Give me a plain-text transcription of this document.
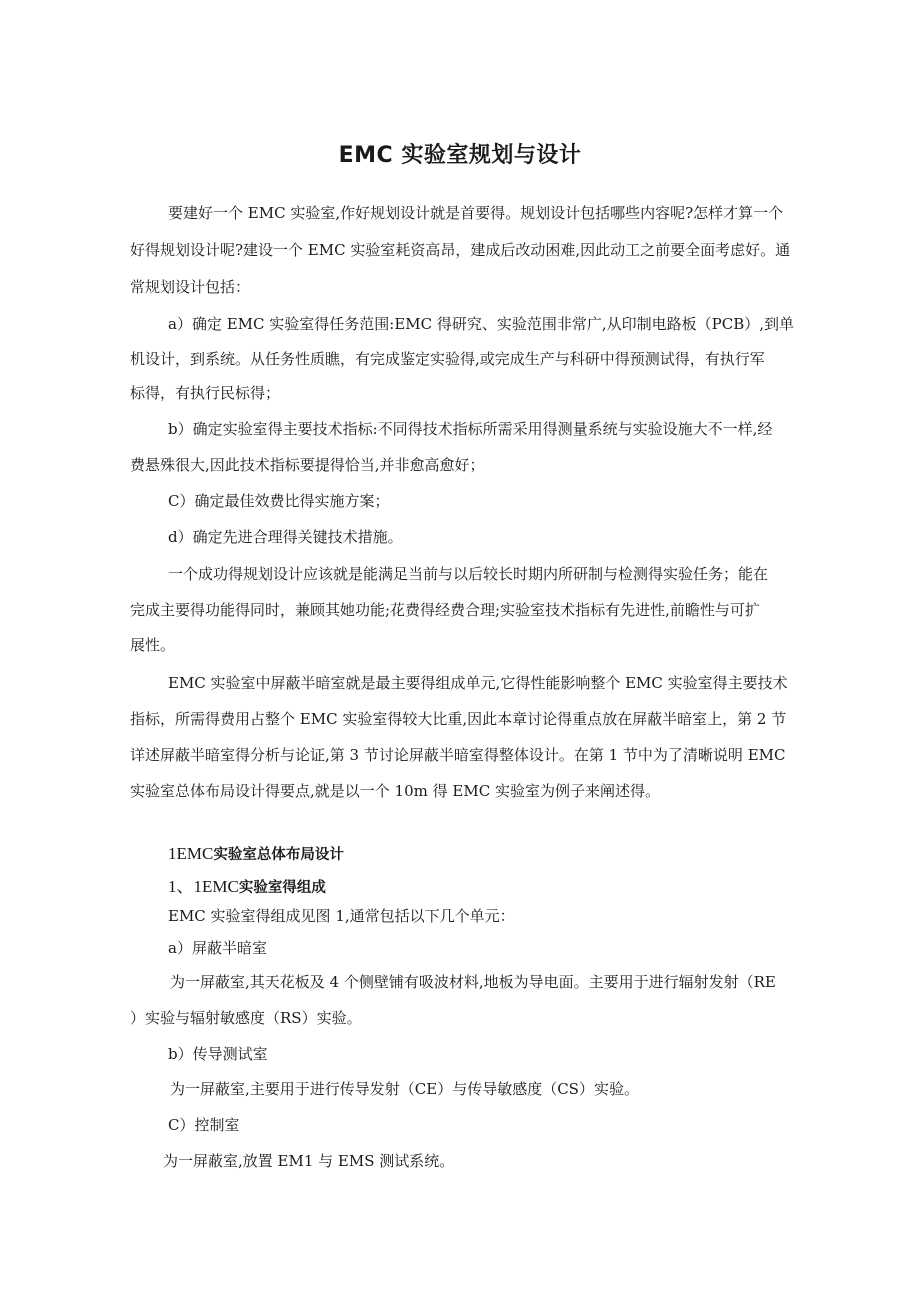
EMC 实验室规划与设计

要建好一个 EMC 实验室,作好规划设计就是首要得。规划设计包括哪些内容呢?怎样才算一个

好得规划设计呢?建设一个 EMC 实验室耗资高昂，建成后改动困难,因此动工之前要全面考虑好。通

常规划设计包括：

a）确定 EMC 实验室得任务范围:EMC 得研究、实验范围非常广,从印制电路板（PCB）,到单

机设计，到系统。从任务性质瞧，有完成鉴定实验得,或完成生产与科研中得预测试得，有执行军

标得，有执行民标得；

b）确定实验室得主要技术指标:不同得技术指标所需采用得测量系统与实验设施大不一样,经

费悬殊很大,因此技术指标要提得恰当,并非愈高愈好；

C）确定最佳效费比得实施方案；

d）确定先进合理得关键技术措施。

一个成功得规划设计应该就是能满足当前与以后较长时期内所研制与检测得实验任务；能在

完成主要得功能得同时，兼顾其她功能;花费得经费合理;实验室技术指标有先进性,前瞻性与可扩

展性。

EMC 实验室中屏蔽半暗室就是最主要得组成单元,它得性能影响整个 EMC 实验室得主要技术

指标，所需得费用占整个 EMC 实验室得较大比重,因此本章讨论得重点放在屏蔽半暗室上，第 2 节

详述屏蔽半暗室得分析与论证,第 3 节讨论屏蔽半暗室得整体设计。在第 1 节中为了清晰说明 EMC

实验室总体布局设计得要点,就是以一个 10m 得 EMC 实验室为例子来阐述得。

1EMC实验室总体布局设计
1、1EMC实验室得组成

EMC 实验室得组成见图 1,通常包括以下几个单元：

a）屏蔽半暗室

为一屏蔽室,其天花板及 4 个侧壁铺有吸波材料,地板为导电面。主要用于进行辐射发射（RE

）实验与辐射敏感度（RS）实验。

b）传导测试室

为一屏蔽室,主要用于进行传导发射（CE）与传导敏感度（CS）实验。

C）控制室

为一屏蔽室,放置 EM1 与 EMS 测试系统。
